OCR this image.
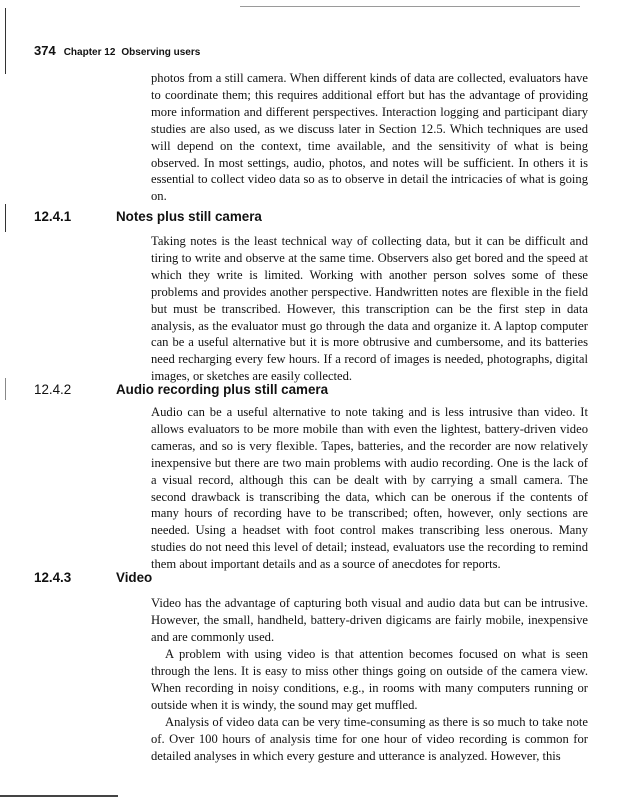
374 Chapter 12 Observing users

photos from a still camera. When different kinds of data are collected, evaluators have to coordinate them; this requires additional effort but has the advantage of providing more information and different perspectives. Interaction logging and participant diary studies are also used, as we discuss later in Section 12.5. Which techniques are used will depend on the context, time available, and the sensitivity of what is being observed. In most settings, audio, photos, and notes will be sufficient. In others it is essential to collect video data so as to observe in detail the intricacies of what is going on.

12.4.1	Notes plus still camera

Taking notes is the least technical way of collecting data, but it can be difficult and tiring to write and observe at the same time. Observers also get bored and the speed at which they write is limited. Working with another person solves some of these problems and provides another perspective. Handwritten notes are flexible in the field but must be transcribed. However, this transcription can be the first step in data analysis, as the evaluator must go through the data and organize it. A laptop computer can be a useful alternative but it is more obtrusive and cumbersome, and its batteries need recharging every few hours. If a record of images is needed, photographs, digital images, or sketches are easily collected.

12.4.2	Audio recording plus still camera

Audio can be a useful alternative to note taking and is less intrusive than video. It allows evaluators to be more mobile than with even the lightest, battery-driven video cameras, and so is very flexible. Tapes, batteries, and the recorder are now relatively inexpensive but there are two main problems with audio recording. One is the lack of a visual record, although this can be dealt with by carrying a small camera. The second drawback is transcribing the data, which can be onerous if the contents of many hours of recording have to be transcribed; often, however, only sections are needed. Using a headset with foot control makes transcribing less onerous. Many studies do not need this level of detail; instead, evaluators use the recording to remind them about important details and as a source of anecdotes for reports.

12.4.3	Video

Video has the advantage of capturing both visual and audio data but can be intrusive. However, the small, handheld, battery-driven digicams are fairly mobile, inexpensive and are commonly used.

A problem with using video is that attention becomes focused on what is seen through the lens. It is easy to miss other things going on outside of the camera view. When recording in noisy conditions, e.g., in rooms with many computers running or outside when it is windy, the sound may get muffled.

Analysis of video data can be very time-consuming as there is so much to take note of. Over 100 hours of analysis time for one hour of video recording is common for detailed analyses in which every gesture and utterance is analyzed. However, this
